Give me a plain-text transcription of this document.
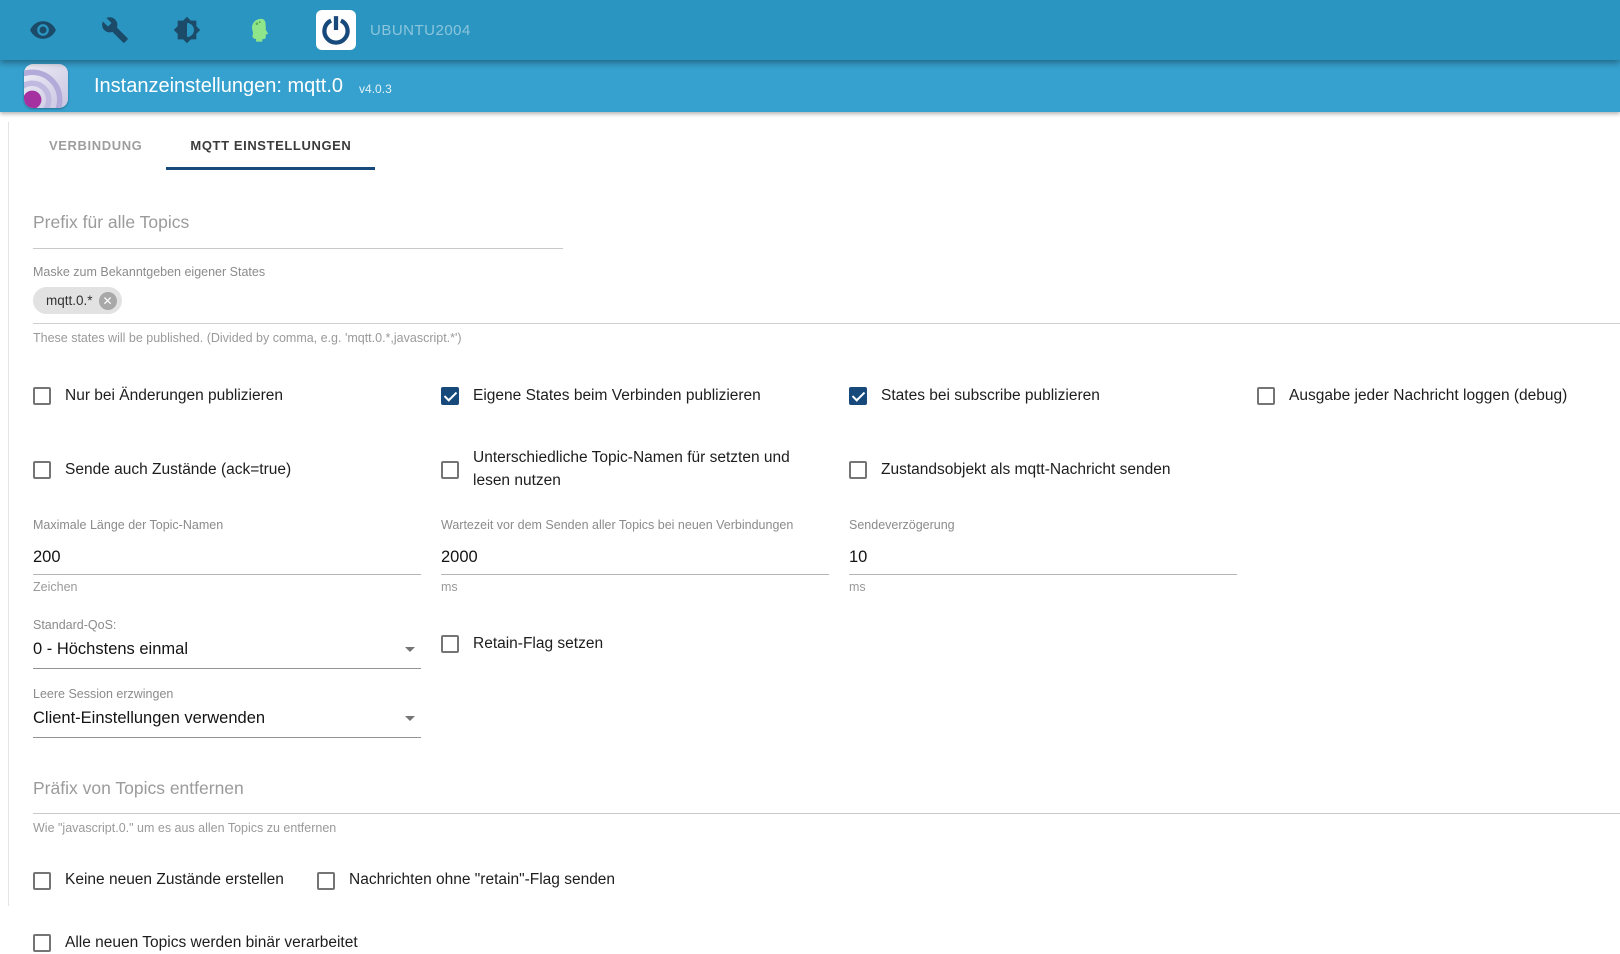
UBUNTU2004
Instanzeinstellungen: mqtt.0 v4.0.3
VERBINDUNG	MQTT EINSTELLUNGEN
Prefix für alle Topics
Maske zum Bekanntgeben eigener States
mqtt.0.* ✕
These states will be published. (Divided by comma, e.g. 'mqtt.0.*,javascript.*')
Nur bei Änderungen publizieren	Eigene States beim Verbinden publizieren	States bei subscribe publizieren	Ausgabe jeder Nachricht loggen (debug)
Sende auch Zustände (ack=true)
Unterschiedliche Topic-Namen für setzten und lesen nutzen
Zustandsobjekt als mqtt-Nachricht senden
Maximale Länge der Topic-Namen
200
Zeichen
Wartezeit vor dem Senden aller Topics bei neuen Verbindungen
2000
ms
Sendeverzögerung
10
ms
Standard-QoS:
0 - Höchstens einmal	Retain-Flag setzen
Leere Session erzwingen
Client-Einstellungen verwenden
Präfix von Topics entfernen
Wie "javascript.0." um es aus allen Topics zu entfernen
Keine neuen Zustände erstellen	Nachrichten ohne "retain"-Flag senden
Alle neuen Topics werden binär verarbeitet
